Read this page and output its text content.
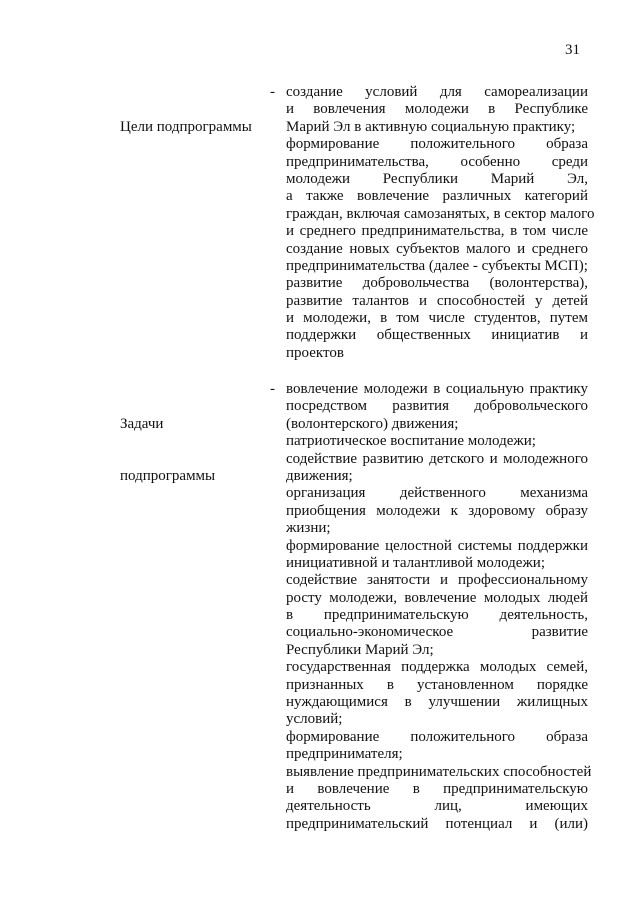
31

Цели подпрограммы

- создание условий для самореализации
и вовлечения молодежи в Республике
Марий Эл в активную социальную практику;
формирование положительного образа
предпринимательства, особенно среди
молодежи Республики Марий Эл,
а также вовлечение различных категорий
граждан, включая самозанятых, в сектор малого
и среднего предпринимательства, в том числе
создание новых субъектов малого и среднего
предпринимательства (далее - субъекты МСП);
развитие добровольчества (волонтерства),
развитие талантов и способностей у детей
и молодежи, в том числе студентов, путем
поддержки общественных инициатив и
проектов

Задачи

подпрограммы

- вовлечение молодежи в социальную практику
посредством развития добровольческого
(волонтерского) движения;
патриотическое воспитание молодежи;
содействие развитию детского и молодежного
движения;
организация действенного механизма
приобщения молодежи к здоровому образу
жизни;
формирование целостной системы поддержки
инициативной и талантливой молодежи;
содействие занятости и профессиональному
росту молодежи, вовлечение молодых людей
в предпринимательскую деятельность,
социально-экономическое развитие
Республики Марий Эл;
государственная поддержка молодых семей,
признанных в установленном порядке
нуждающимися в улучшении жилищных
условий;
формирование положительного образа
предпринимателя;
выявление предпринимательских способностей
и вовлечение в предпринимательскую
деятельность лиц, имеющих
предпринимательский потенциал и (или)
